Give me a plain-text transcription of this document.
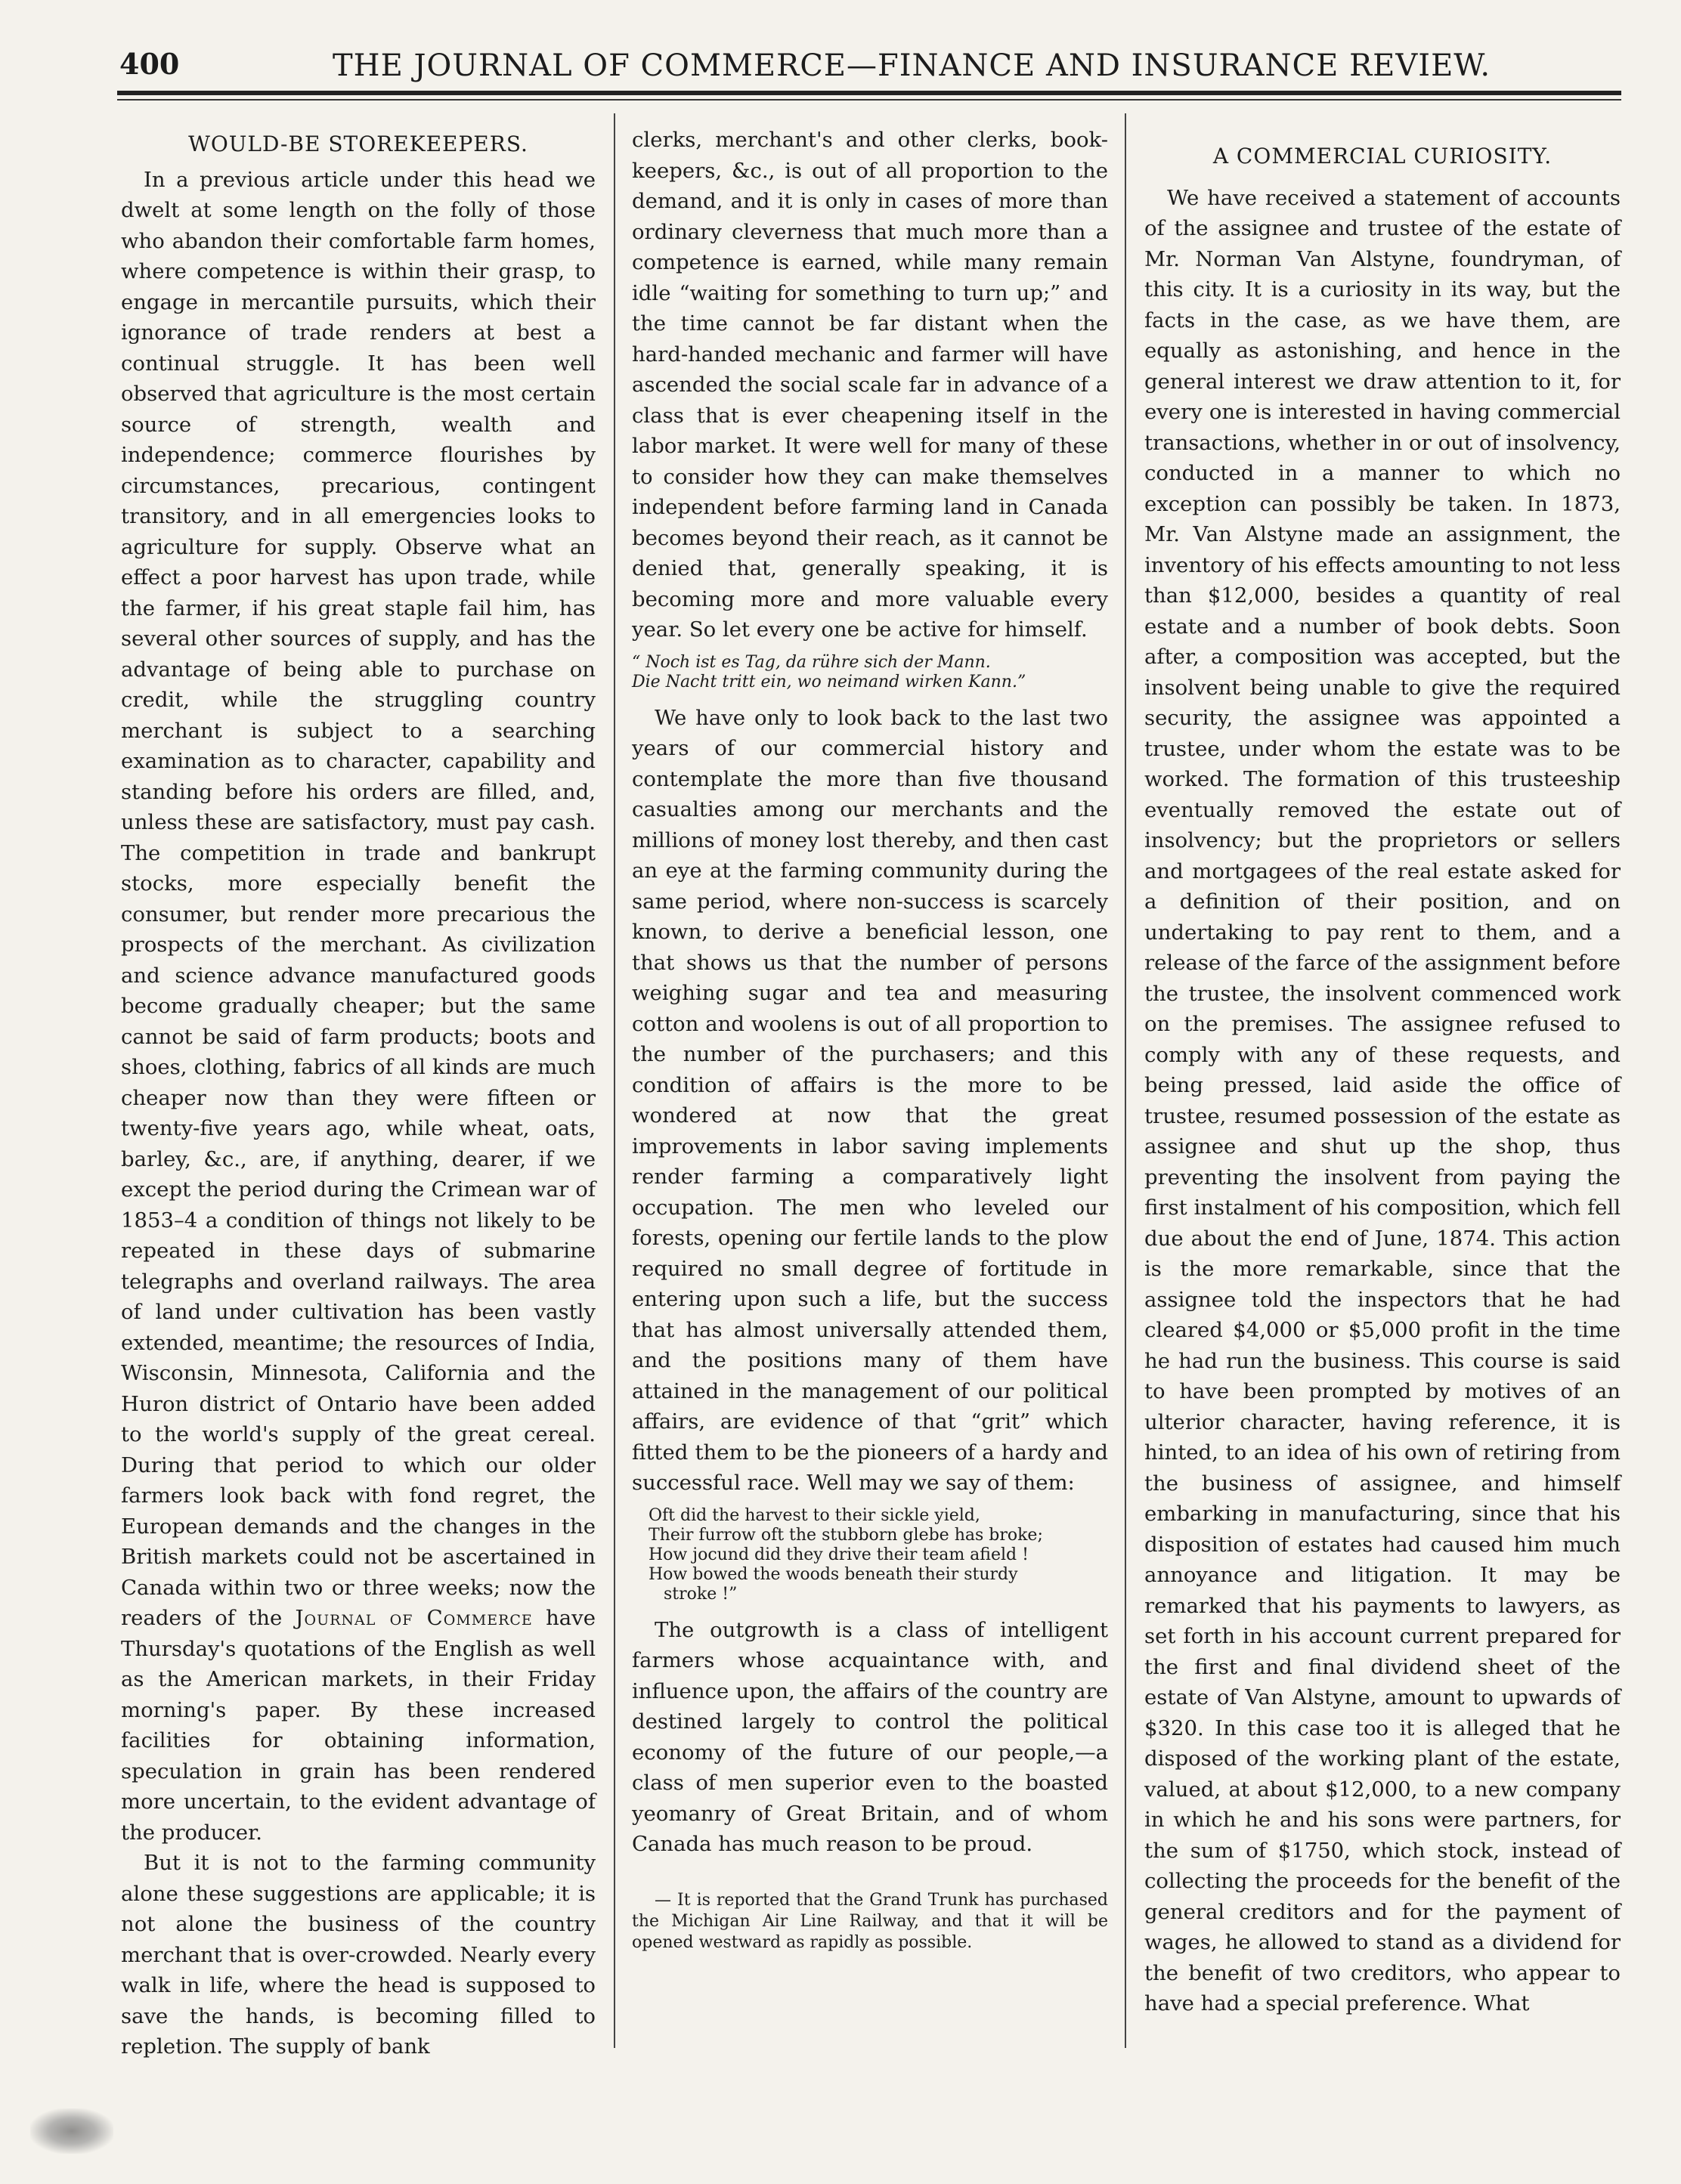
400	THE JOURNAL OF COMMERCE—FINANCE AND INSURANCE REVIEW.
WOULD-BE STOREKEEPERS.

In a previous article under this head we dwelt at some length on the folly of those who abandon their comfortable farm homes, where competence is within their grasp, to engage in mercantile pursuits, which their ignorance of trade renders at best a continual struggle. It has been well observed that agriculture is the most certain source of strength, wealth and independence; commerce flourishes by circumstances, precarious, contingent transitory, and in all emergencies looks to agriculture for supply. Observe what an effect a poor harvest has upon trade, while the farmer, if his great staple fail him, has several other sources of supply, and has the advantage of being able to purchase on credit, while the struggling country merchant is subject to a searching examination as to character, capability and standing before his orders are filled, and, unless these are satisfactory, must pay cash. The competition in trade and bankrupt stocks, more especially benefit the consumer, but render more precarious the prospects of the merchant. As civilization and science advance manufactured goods become gradually cheaper; but the same cannot be said of farm products; boots and shoes, clothing, fabrics of all kinds are much cheaper now than they were fifteen or twenty-five years ago, while wheat, oats, barley, &c., are, if anything, dearer, if we except the period during the Crimean war of 1853–4 a condition of things not likely to be repeated in these days of submarine telegraphs and overland railways. The area of land under cultivation has been vastly extended, meantime; the resources of India, Wisconsin, Minnesota, California and the Huron district of Ontario have been added to the world's supply of the great cereal. During that period to which our older farmers look back with fond regret, the European demands and the changes in the British markets could not be ascertained in Canada within two or three weeks; now the readers of the Journal of Commerce have Thursday's quotations of the English as well as the American markets, in their Friday morning's paper. By these increased facilities for obtaining information, speculation in grain has been rendered more uncertain, to the evident advantage of the producer.

But it is not to the farming community alone these suggestions are applicable; it is not alone the business of the country merchant that is over-crowded. Nearly every walk in life, where the head is supposed to save the hands, is becoming filled to repletion. The supply of bank

clerks, merchant's and other clerks, book-keepers, &c., is out of all proportion to the demand, and it is only in cases of more than ordinary cleverness that much more than a competence is earned, while many remain idle “waiting for something to turn up;” and the time cannot be far distant when the hard-handed mechanic and farmer will have ascended the social scale far in advance of a class that is ever cheapening itself in the labor market. It were well for many of these to consider how they can make themselves independent before farming land in Canada becomes beyond their reach, as it cannot be denied that, generally speaking, it is becoming more and more valuable every year. So let every one be active for himself.

“ Noch ist es Tag, da rühre sich der Mann.
Die Nacht tritt ein, wo neimand wirken Kann.”

We have only to look back to the last two years of our commercial history and contemplate the more than five thousand casualties among our merchants and the millions of money lost thereby, and then cast an eye at the farming community during the same period, where non-success is scarcely known, to derive a beneficial lesson, one that shows us that the number of persons weighing sugar and tea and measuring cotton and woolens is out of all proportion to the number of the purchasers; and this condition of affairs is the more to be wondered at now that the great improvements in labor saving implements render farming a comparatively light occupation. The men who leveled our forests, opening our fertile lands to the plow required no small degree of fortitude in entering upon such a life, but the success that has almost universally attended them, and the positions many of them have attained in the management of our political affairs, are evidence of that “grit” which fitted them to be the pioneers of a hardy and successful race. Well may we say of them:

Oft did the harvest to their sickle yield,
Their furrow oft the stubborn glebe has broke;
How jocund did they drive their team afield !
How bowed the woods beneath their sturdy
stroke !”

The outgrowth is a class of intelligent farmers whose acquaintance with, and influence upon, the affairs of the country are destined largely to control the political economy of the future of our people,—a class of men superior even to the boasted yeomanry of Great Britain, and of whom Canada has much reason to be proud.

— It is reported that the Grand Trunk has purchased the Michigan Air Line Railway, and that it will be opened westward as rapidly as possible.

A COMMERCIAL CURIOSITY.

We have received a statement of accounts of the assignee and trustee of the estate of Mr. Norman Van Alstyne, foundryman, of this city. It is a curiosity in its way, but the facts in the case, as we have them, are equally as astonishing, and hence in the general interest we draw attention to it, for every one is interested in having commercial transactions, whether in or out of insolvency, conducted in a manner to which no exception can possibly be taken. In 1873, Mr. Van Alstyne made an assignment, the inventory of his effects amounting to not less than $12,000, besides a quantity of real estate and a number of book debts. Soon after, a composition was accepted, but the insolvent being unable to give the required security, the assignee was appointed a trustee, under whom the estate was to be worked. The formation of this trusteeship eventually removed the estate out of insolvency; but the proprietors or sellers and mortgagees of the real estate asked for a definition of their position, and on undertaking to pay rent to them, and a release of the farce of the assignment before the trustee, the insolvent commenced work on the premises. The assignee refused to comply with any of these requests, and being pressed, laid aside the office of trustee, resumed possession of the estate as assignee and shut up the shop, thus preventing the insolvent from paying the first instalment of his composition, which fell due about the end of June, 1874. This action is the more remarkable, since that the assignee told the inspectors that he had cleared $4,000 or $5,000 profit in the time he had run the business. This course is said to have been prompted by motives of an ulterior character, having reference, it is hinted, to an idea of his own of retiring from the business of assignee, and himself embarking in manufacturing, since that his disposition of estates had caused him much annoyance and litigation. It may be remarked that his payments to lawyers, as set forth in his account current prepared for the first and final dividend sheet of the estate of Van Alstyne, amount to upwards of $320. In this case too it is alleged that he disposed of the working plant of the estate, valued, at about $12,000, to a new company in which he and his sons were partners, for the sum of $1750, which stock, instead of collecting the proceeds for the benefit of the general creditors and for the payment of wages, he allowed to stand as a dividend for the benefit of two creditors, who appear to have had a special preference. What
